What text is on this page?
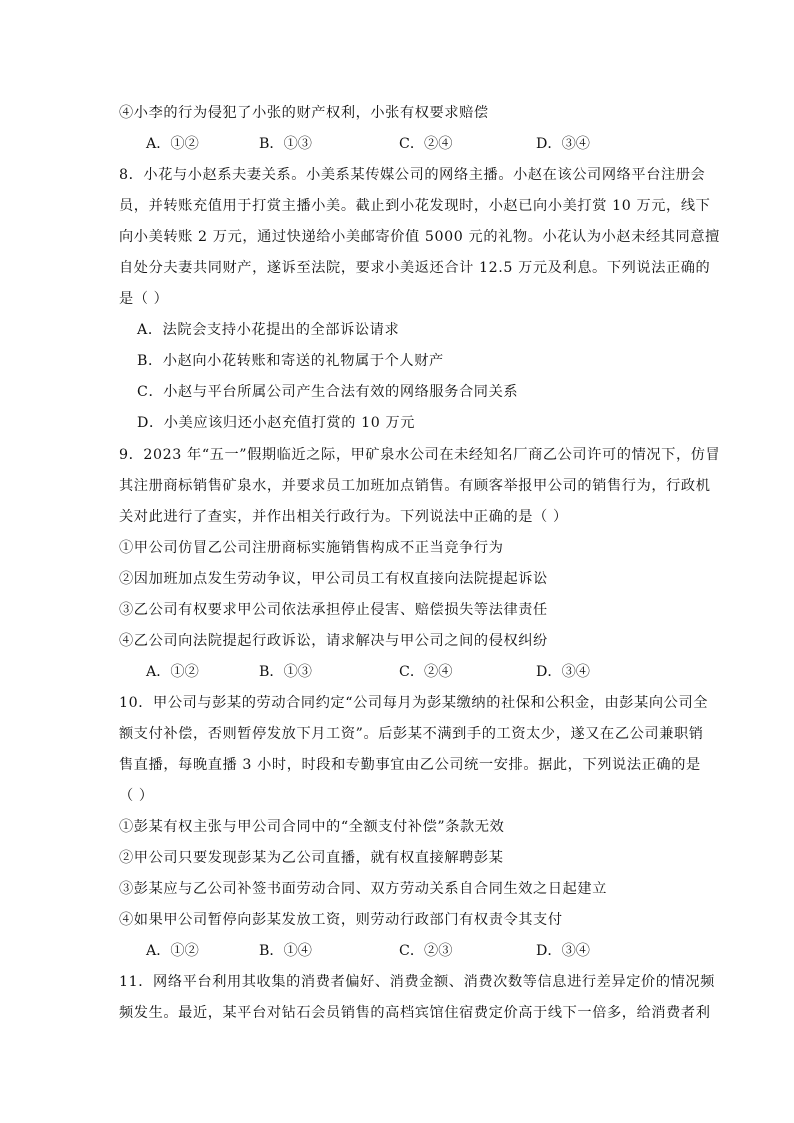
④小李的行为侵犯了小张的财产权利，小张有权要求赔偿
A．①②	B．①③	C．②④	D．③④
8．小花与小赵系夫妻关系。小美系某传媒公司的网络主播。小赵在该公司网络平台注册会
员，并转账充值用于打赏主播小美。截止到小花发现时，小赵已向小美打赏 10 万元，线下
向小美转账 2 万元，通过快递给小美邮寄价值 5000 元的礼物。小花认为小赵未经其同意擅
自处分夫妻共同财产，遂诉至法院，要求小美返还合计 12.5 万元及利息。下列说法正确的
是（ ）
A．法院会支持小花提出的全部诉讼请求
B．小赵向小花转账和寄送的礼物属于个人财产
C．小赵与平台所属公司产生合法有效的网络服务合同关系
D．小美应该归还小赵充值打赏的 10 万元
9．2023 年“五一”假期临近之际，甲矿泉水公司在未经知名厂商乙公司许可的情况下，仿冒
其注册商标销售矿泉水，并要求员工加班加点销售。有顾客举报甲公司的销售行为，行政机
关对此进行了查实，并作出相关行政行为。下列说法中正确的是（ ）
①甲公司仿冒乙公司注册商标实施销售构成不正当竞争行为
②因加班加点发生劳动争议，甲公司员工有权直接向法院提起诉讼
③乙公司有权要求甲公司依法承担停止侵害、赔偿损失等法律责任
④乙公司向法院提起行政诉讼，请求解决与甲公司之间的侵权纠纷
A．①②	B．①③	C．②④	D．③④
10．甲公司与彭某的劳动合同约定“公司每月为彭某缴纳的社保和公积金，由彭某向公司全
额支付补偿，否则暂停发放下月工资”。后彭某不满到手的工资太少，遂又在乙公司兼职销
售直播，每晚直播 3 小时，时段和专勤事宜由乙公司统一安排。据此，下列说法正确的是
（ ）
①彭某有权主张与甲公司合同中的“全额支付补偿”条款无效
②甲公司只要发现彭某为乙公司直播，就有权直接解聘彭某
③彭某应与乙公司补签书面劳动合同、双方劳动关系自合同生效之日起建立
④如果甲公司暂停向彭某发放工资，则劳动行政部门有权责令其支付
A．①②	B．①④	C．②③	D．③④
11．网络平台利用其收集的消费者偏好、消费金额、消费次数等信息进行差异定价的情况频
频发生。最近，某平台对钻石会员销售的高档宾馆住宿费定价高于线下一倍多，给消费者利
